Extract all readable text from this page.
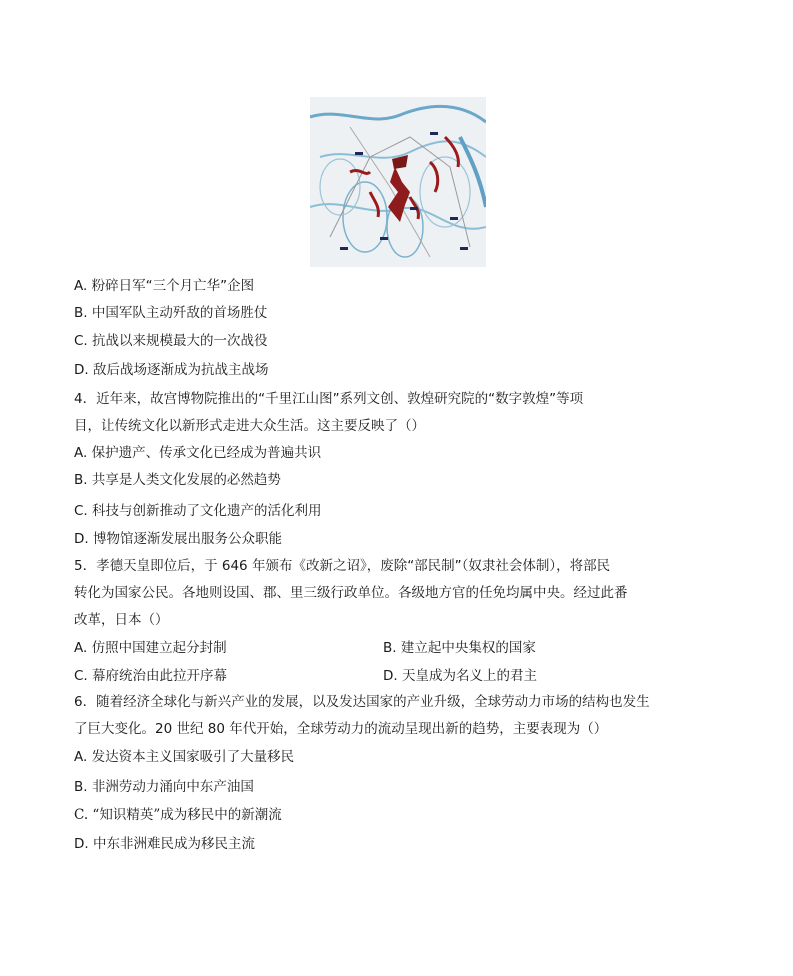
A. 粉碎日军“三个月亡华”企图
B. 中国军队主动歼敌的首场胜仗
C. 抗战以来规模最大的一次战役
D. 敌后战场逐渐成为抗战主战场
4．近年来，故宫博物院推出的“千里江山图”系列文创、敦煌研究院的“数字敦煌”等项
目，让传统文化以新形式走进大众生活。这主要反映了（）
A. 保护遗产、传承文化已经成为普遍共识
B. 共享是人类文化发展的必然趋势
C. 科技与创新推动了文化遗产的活化利用
D. 博物馆逐渐发展出服务公众职能
5．孝德天皇即位后，于 646 年颁布《改新之诏》，废除“部民制”（奴隶社会体制），将部民
转化为国家公民。各地则设国、郡、里三级行政单位。各级地方官的任免均属中央。经过此番
改革，日本（）
A. 仿照中国建立起分封制	B. 建立起中央集权的国家
C. 幕府统治由此拉开序幕	D. 天皇成为名义上的君主
6．随着经济全球化与新兴产业的发展，以及发达国家的产业升级，全球劳动力市场的结构也发生
了巨大变化。20 世纪 80 年代开始，全球劳动力的流动呈现出新的趋势，主要表现为（）
A. 发达资本主义国家吸引了大量移民
B. 非洲劳动力涌向中东产油国
C. “知识精英”成为移民中的新潮流
D. 中东非洲难民成为移民主流
